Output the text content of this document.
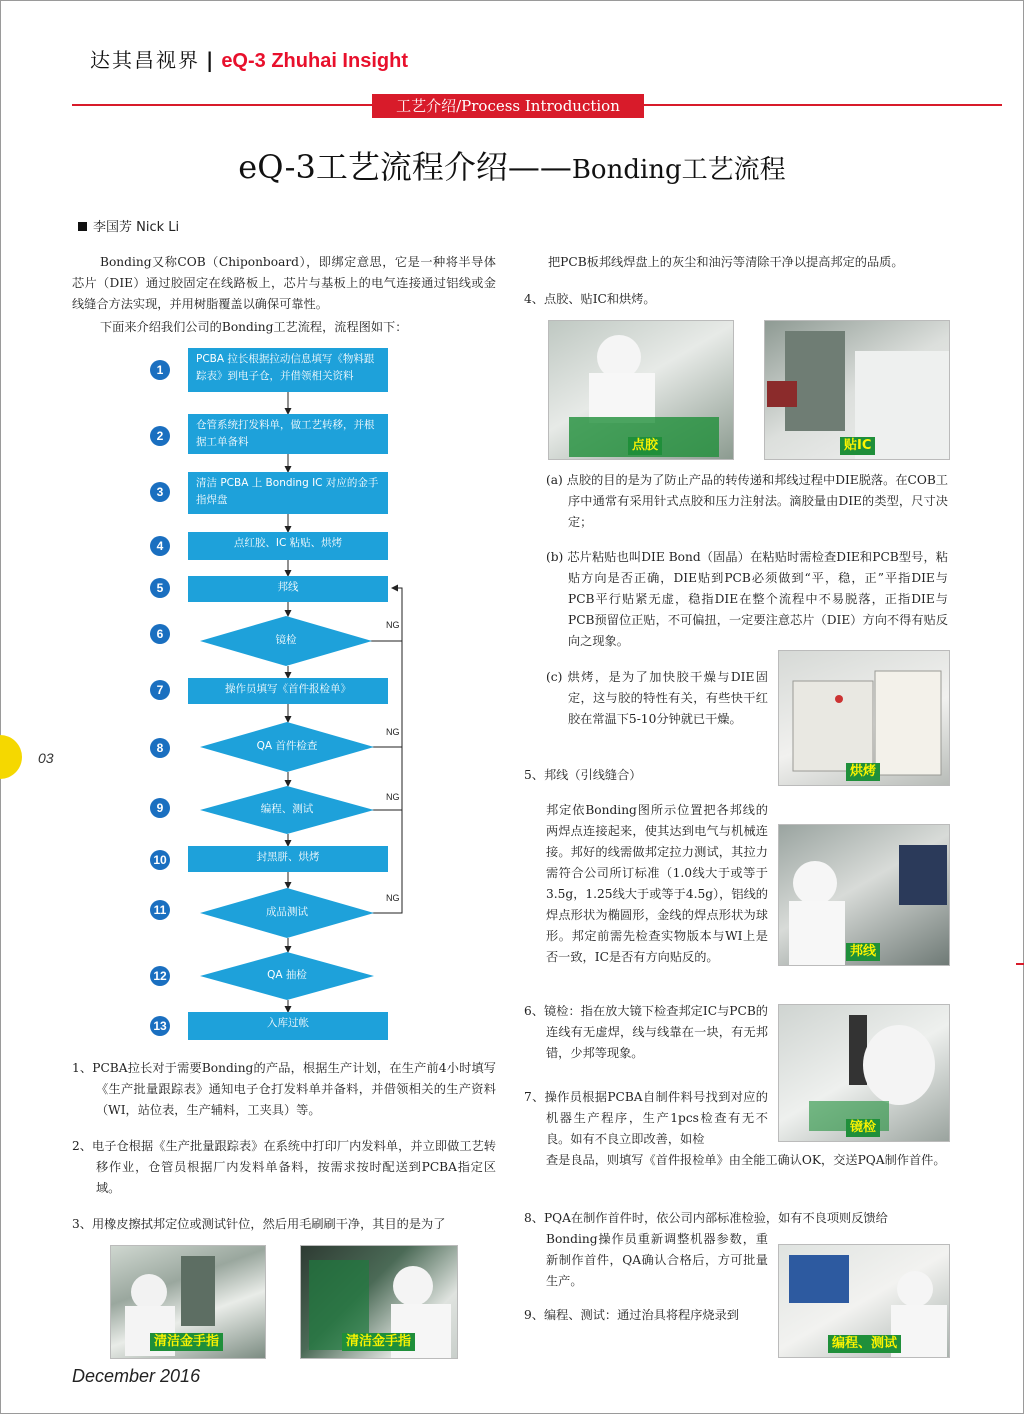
03
达其昌视界 | eQ-3 Zhuhai Insight
工艺介绍/Process Introduction
eQ-3工艺流程介绍——Bonding工艺流程
李国芳 Nick Li
Bonding又称COB（Chiponboard），即绑定意思，它是一种将半导体芯片（DIE）通过胶固定在线路板上，芯片与基板上的电气连接通过铝线或金线缝合方法实现，并用树脂覆盖以确保可靠性。
下面来介绍我们公司的Bonding工艺流程，流程图如下：
PCBA 拉长根据拉动信息填写《物料跟踪表》到电子仓，并借领相关资料
仓管系统打发料单，做工艺转移，并根据工单备料
清洁 PCBA 上 Bonding IC 对应的金手指焊盘
点红胶、IC 粘贴、烘烤
邦线
操作员填写《首件报检单》
封黑胼、烘烤
入库过帐
镜检
QA 首件检查
编程、测试
成品测试
QA 抽检
NG
NG
NG
NG
1
2
3
4
5
6
7
8
9
10
11
12
13
1、PCBA拉长对于需要Bonding的产品，根据生产计划，在生产前4小时填写《生产批量跟踪表》通知电子仓打发料单并备料，并借领相关的生产资料（WI，站位表，生产辅料，工夹具）等。
2、电子仓根据《生产批量跟踪表》在系统中打印厂内发料单，并立即做工艺转移作业，仓管员根据厂内发料单备料，按需求按时配送到PCBA指定区域。
3、用橡皮擦拭邦定位或测试针位，然后用毛刷刷干净，其目的是为了
清洁金手指	清洁金手指
把PCB板邦线焊盘上的灰尘和油污等清除干净以提高邦定的品质。
4、点胶、贴IC和烘烤。
点胶	贴IC
(a) 点胶的目的是为了防止产品的转传递和邦线过程中DIE脱落。在COB工序中通常有采用针式点胶和压力注射法。滴胶量由DIE的类型，尺寸决定；
(b) 芯片粘贴也叫DIE Bond（固晶）在粘贴时需检查DIE和PCB型号，粘贴方向是否正确，DIE贴到PCB必须做到“平，稳，正”平指DIE与PCB平行贴紧无虚，稳指DIE在整个流程中不易脱落，正指DIE与PCB预留位正贴，不可偏扭，一定要注意芯片（DIE）方向不得有贴反向之现象。
(c) 烘烤，是为了加快胶干燥与DIE固定，这与胶的特性有关，有些快干红胶在常温下5-10分钟就已干燥。
烘烤
5、邦线（引线缝合）
邦定依Bonding图所示位置把各邦线的两焊点连接起来，使其达到电气与机械连接。邦好的线需做邦定拉力测试，其拉力需符合公司所订标准（1.0线大于或等于3.5g，1.25线大于或等于4.5g），铝线的焊点形状为椭圆形，金线的焊点形状为球形。邦定前需先检查实物版本与WI上是否一致，IC是否有方向贴反的。	邦线
6、镜检：指在放大镜下检查邦定IC与PCB的连线有无虚焊，线与线靠在一块，有无邦错，少邦等现象。
镜检
7、操作员根据PCBA自制件料号找到对应的机器生产程序，生产1pcs检查有无不良。如有不良立即改善，如检
查是良品，则填写《首件报检单》由全能工确认OK，交送PQA制作首件。
8、PQA在制作首件时，依公司内部标准检验，如有不良项则反馈给
Bonding操作员重新调整机器参数，重新制作首件，QA确认合格后，方可批量生产。
编程、测试
9、编程、测试：通过治具将程序烧录到
December 2016
